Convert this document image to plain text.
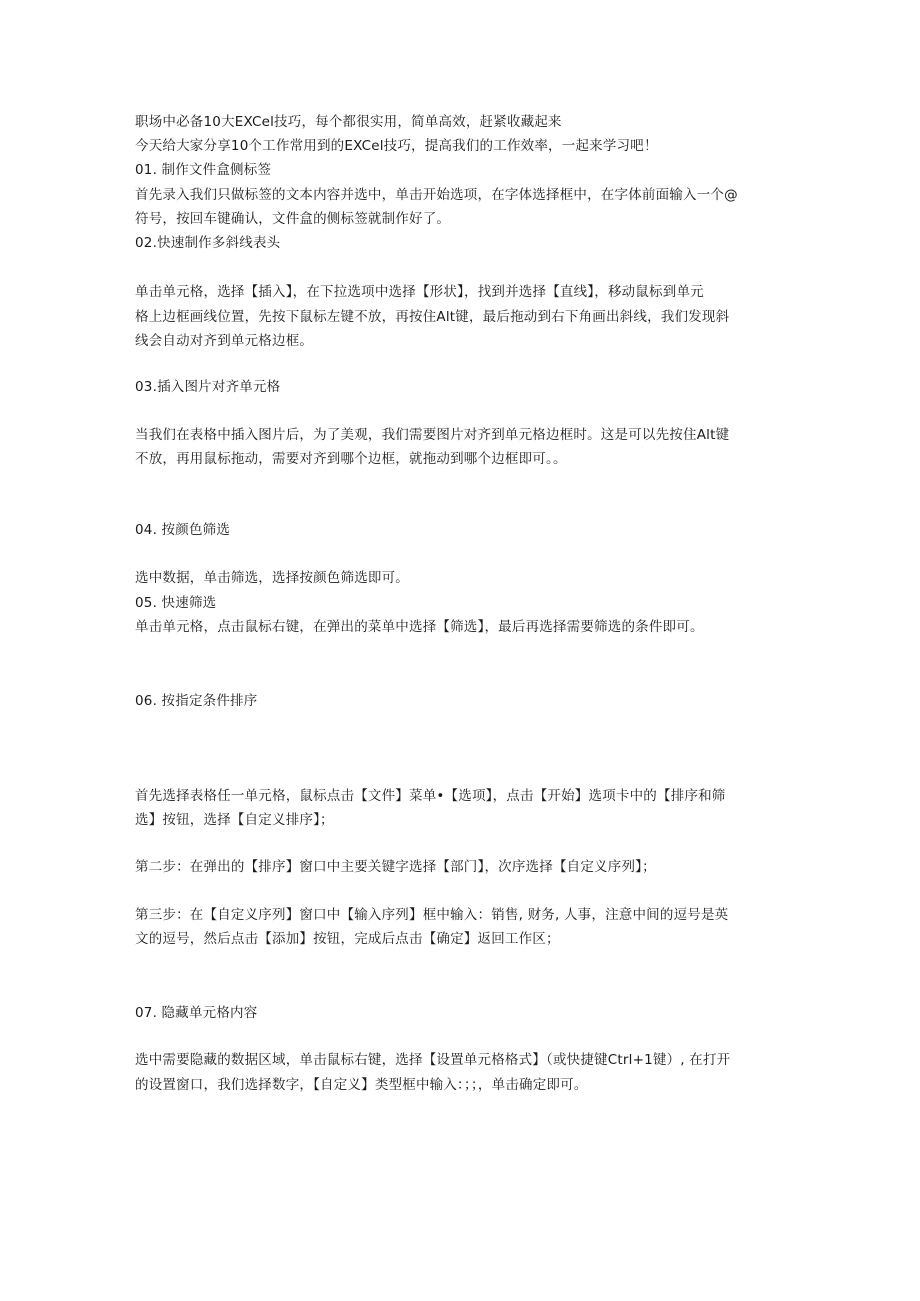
职场中必备10大EXCel技巧，每个都很实用，简单高效，赶紧收藏起来
今天给大家分享10个工作常用到的EXCel技巧，提高我们的工作效率，一起来学习吧！
01. 制作文件盒侧标签
首先录入我们只做标签的文本内容并选中，单击开始选项，在字体选择框中，在字体前面输入一个@
符号，按回车键确认，文件盒的侧标签就制作好了。
02.快速制作多斜线表头
单击单元格，选择【插入】，在下拉选项中选择【形状】，找到并选择【直线】，移动鼠标到单元
格上边框画线位置，先按下鼠标左键不放，再按住Alt键，最后拖动到右下角画出斜线，我们发现斜
线会自动对齐到单元格边框。
03.插入图片对齐单元格
当我们在表格中插入图片后，为了美观，我们需要图片对齐到单元格边框时。这是可以先按住Alt键
不放，再用鼠标拖动，需要对齐到哪个边框，就拖动到哪个边框即可。。
04. 按颜色筛选
选中数据，单击筛选，选择按颜色筛选即可。
05. 快速筛选
单击单元格，点击鼠标右键，在弹出的菜单中选择【筛选】，最后再选择需要筛选的条件即可。
06. 按指定条件排序
首先选择表格任一单元格，鼠标点击【文件】菜单•【选项】，点击【开始】选项卡中的【排序和筛
选】按钮，选择【自定义排序】；
第二步：在弹出的【排序】窗口中主要关键字选择【部门】，次序选择【自定义序列】；
第三步：在【自定义序列】窗口中【输入序列】框中输入：销售, 财务, 人事，注意中间的逗号是英
文的逗号，然后点击【添加】按钮，完成后点击【确定】返回工作区；
07. 隐藏单元格内容
选中需要隐藏的数据区域，单击鼠标右键，选择【设置单元格格式】（或快捷键Ctrl+1键）, 在打开
的设置窗口，我们选择数字，【自定义】类型框中输入：；；，单击确定即可。
